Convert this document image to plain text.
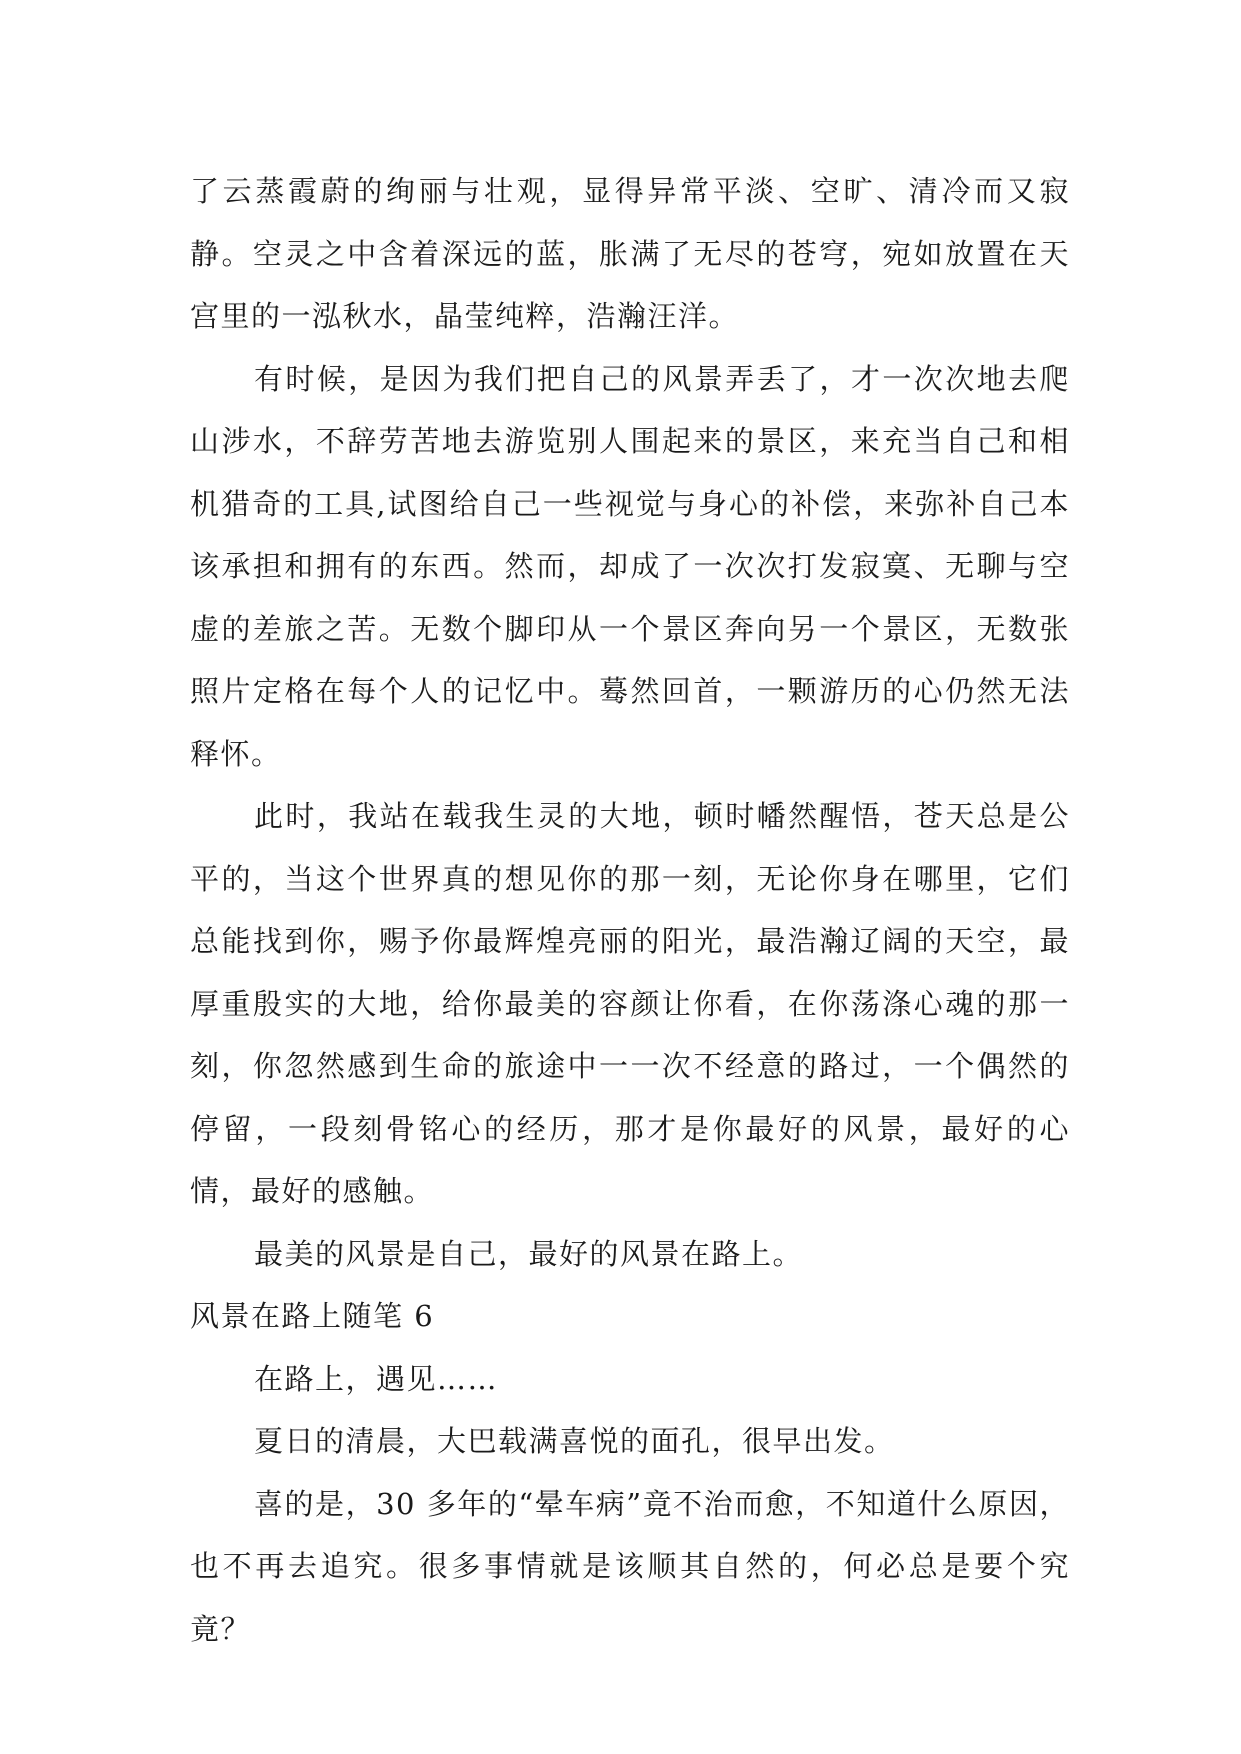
了云蒸霞蔚的绚丽与壮观，显得异常平淡、空旷、清冷而又寂静。空灵之中含着深远的蓝，胀满了无尽的苍穹，宛如放置在天宫里的一泓秋水，晶莹纯粹，浩瀚汪洋。

有时候，是因为我们把自己的风景弄丢了，才一次次地去爬山涉水，不辞劳苦地去游览别人围起来的景区，来充当自己和相机猎奇的工具,试图给自己一些视觉与身心的补偿，来弥补自己本该承担和拥有的东西。然而，却成了一次次打发寂寞、无聊与空虚的差旅之苦。无数个脚印从一个景区奔向另一个景区，无数张照片定格在每个人的记忆中。蓦然回首，一颗游历的心仍然无法释怀。

此时，我站在载我生灵的大地，顿时幡然醒悟，苍天总是公平的，当这个世界真的想见你的那一刻，无论你身在哪里，它们总能找到你，赐予你最辉煌亮丽的阳光，最浩瀚辽阔的天空，最厚重殷实的大地，给你最美的容颜让你看，在你荡涤心魂的那一刻，你忽然感到生命的旅途中一一次不经意的路过，一个偶然的停留，一段刻骨铭心的经历，那才是你最好的风景，最好的心情，最好的感触。

最美的风景是自己，最好的风景在路上。

风景在路上随笔 6

在路上，遇见……

夏日的清晨，大巴载满喜悦的面孔，很早出发。

喜的是，30 多年的“晕车病”竟不治而愈，不知道什么原因，也不再去追究。很多事情就是该顺其自然的，何必总是要个究竟？
